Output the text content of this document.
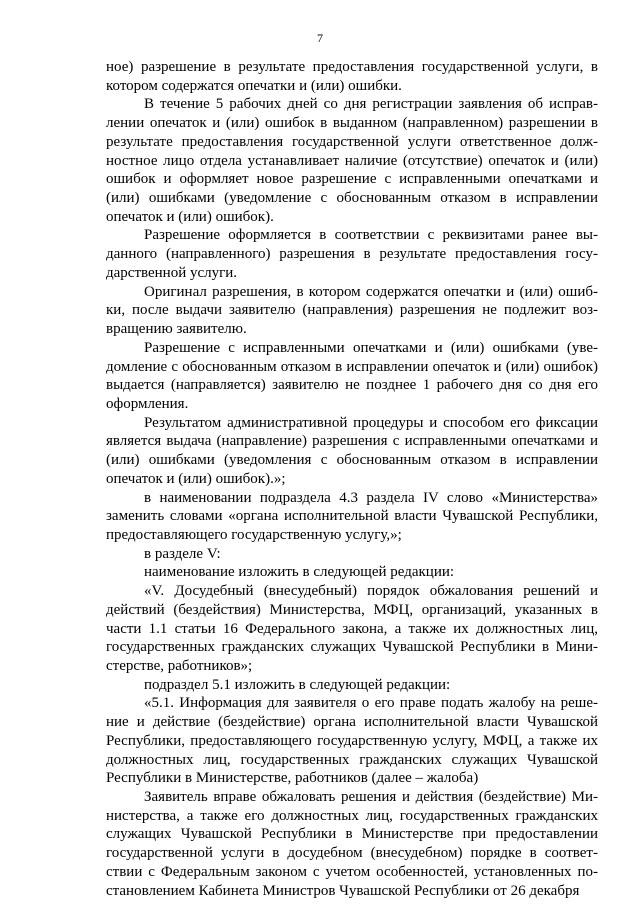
7

ное) разрешение в результате предоставления государственной услуги, в котором содержатся опечатки и (или) ошибки.

В течение 5 рабочих дней со дня регистрации заявления об исправлении опечаток и (или) ошибок в выданном (направленном) разрешении в результате предоставления государственной услуги ответственное должностное лицо отдела устанавливает наличие (отсутствие) опечаток и (или) ошибок и оформляет новое разрешение с исправленными опечатками и (или) ошибками (уведомление с обоснованным отказом в исправлении опечаток и (или) ошибок).

Разрешение оформляется в соответствии с реквизитами ранее выданного (направленного) разрешения в результате предоставления государственной услуги.

Оригинал разрешения, в котором содержатся опечатки и (или) ошибки, после выдачи заявителю (направления) разрешения не подлежит возвращению заявителю.

Разрешение с исправленными опечатками и (или) ошибками (уведомление с обоснованным отказом в исправлении опечаток и (или) ошибок) выдается (направляется) заявителю не позднее 1 рабочего дня со дня его оформления.

Результатом административной процедуры и способом его фиксации является выдача (направление) разрешения с исправленными опечатками и (или) ошибками (уведомления с обоснованным отказом в исправлении опечаток и (или) ошибок).»;

в наименовании подраздела 4.3 раздела IV слово «Министерства» заменить словами «органа исполнительной власти Чувашской Республики, предоставляющего государственную услугу,»;

в разделе V:

наименование изложить в следующей редакции:

«V. Досудебный (внесудебный) порядок обжалования решений и действий (бездействия) Министерства, МФЦ, организаций, указанных в части 1.1 статьи 16 Федерального закона, а также их должностных лиц, государственных гражданских служащих Чувашской Республики в Министерстве, работников»;

подраздел 5.1 изложить в следующей редакции:

«5.1. Информация для заявителя о его праве подать жалобу на решение и действие (бездействие) органа исполнительной власти Чувашской Республики, предоставляющего государственную услугу, МФЦ, а также их должностных лиц, государственных гражданских служащих Чувашской Республики в Министерстве, работников (далее – жалоба)

Заявитель вправе обжаловать решения и действия (бездействие) Министерства, а также его должностных лиц, государственных гражданских служащих Чувашской Республики в Министерстве при предоставлении государственной услуги в досудебном (внесудебном) порядке в соответствии с Федеральным законом с учетом особенностей, установленных постановлением Кабинета Министров Чувашской Республики от 26 декабря
